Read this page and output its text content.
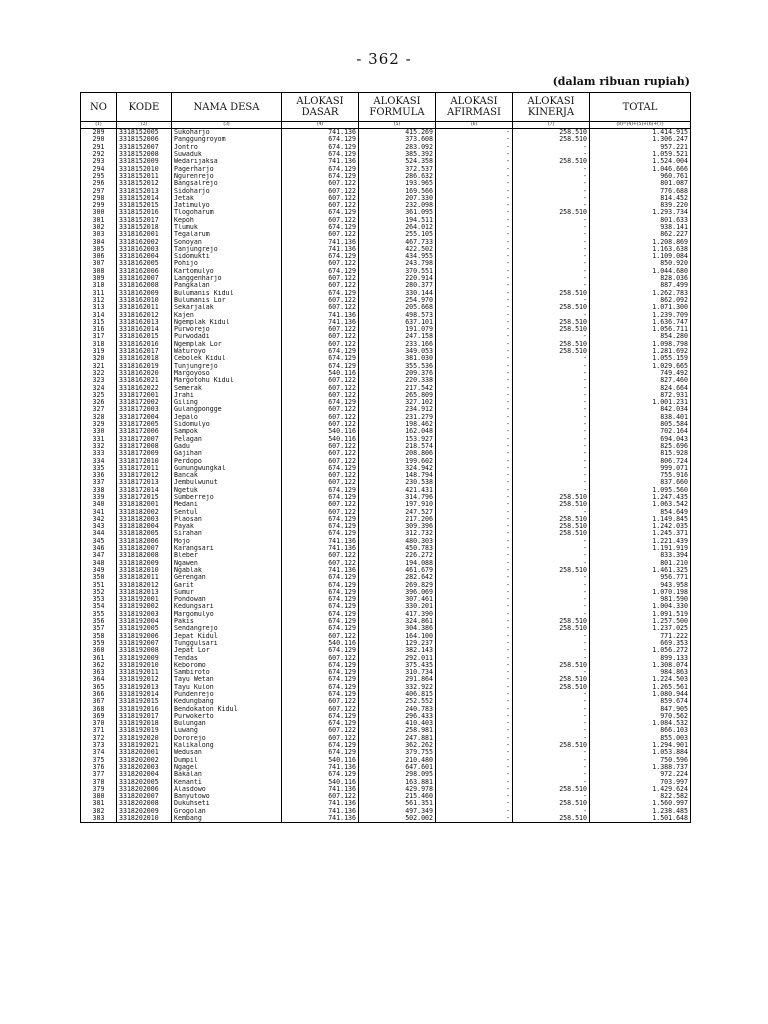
- 362 -
(dalam ribuan rupiah)
NO	KODE	NAMA DESA	ALOKASI DASAR	ALOKASI FORMULA	ALOKASI AFIRMASI	ALOKASI KINERJA	TOTAL
(1)	(2)	(3)	(4)	(5)	(6)	(7)	(8)=(4)+(5)+(6)+(7)
289	3318152005	Sukoharjo	741.136	415.269	-	258.510	1.414.915
290	3318152006	Panggungroyom	674.129	373.608	-	258.510	1.306.247
291	3318152007	Jontro	674.129	283.092	-	-	957.221
292	3318152008	Suwaduk	674.129	385.392	-	-	1.059.521
293	3318152009	Wedarijaksa	741.136	524.358	-	258.510	1.524.004
294	3318152010	Pagerharjo	674.129	372.537	-	-	1.046.666
295	3318152011	Ngurenrejo	674.129	286.632	-	-	960.761
296	3318152012	Bangsalrejo	607.122	193.965	-	-	801.087
297	3318152013	Sidoharjo	607.122	169.566	-	-	776.688
298	3318152014	Jetak	607.122	207.330	-	-	814.452
299	3318152015	Jatimulyo	607.122	232.098	-	-	839.220
300	3318152016	Tlogoharum	674.129	361.095	-	258.510	1.293.734
301	3318152017	Kepoh	607.122	194.511	-	-	801.633
302	3318152018	Tlumuk	674.129	264.012	-	-	938.141
303	3318162001	Tegalarum	607.122	255.105	-	-	862.227
304	3318162002	Sonoyan	741.136	467.733	-	-	1.208.869
305	3318162003	Tanjungrejo	741.136	422.502	-	-	1.163.638
306	3318162004	Sidomukti	674.129	434.955	-	-	1.109.084
307	3318162005	Pohijo	607.122	243.798	-	-	850.920
308	3318162006	Kartomulyo	674.129	370.551	-	-	1.044.680
309	3318162007	Langgenharjo	607.122	220.914	-	-	828.036
310	3318162008	Pangkalan	607.122	280.377	-	-	887.499
311	3318162009	Bulumanis Kidul	674.129	330.144	-	258.510	1.262.783
312	3318162010	Bulumanis Lor	607.122	254.970	-	-	862.092
313	3318162011	Sekarjalak	607.122	205.668	-	258.510	1.071.300
314	3318162012	Kajen	741.136	498.573	-	-	1.239.709
315	3318162013	Ngemplak Kidul	741.136	637.101	-	258.510	1.636.747
316	3318162014	Purworejo	607.122	191.079	-	258.510	1.056.711
317	3318162015	Purwodadi	607.122	247.158	-	-	854.280
318	3318162016	Ngemplak Lor	607.122	233.166	-	258.510	1.098.798
319	3318162017	Waturoyo	674.129	349.053	-	258.510	1.281.692
320	3318162018	Cebolek Kidul	674.129	381.030	-	-	1.055.159
321	3318162019	Tunjungrejo	674.129	355.536	-	-	1.029.665
322	3318162020	Margoyoso	540.116	209.376	-	-	749.492
323	3318162021	Margotohu Kidul	607.122	220.338	-	-	827.460
324	3318162022	Semerak	607.122	217.542	-	-	824.664
325	3318172001	Jrahi	607.122	265.809	-	-	872.931
326	3318172002	Giling	674.129	327.102	-	-	1.001.231
327	3318172003	Gulangpongge	607.122	234.912	-	-	842.034
328	3318172004	Jepalo	607.122	231.279	-	-	838.401
329	3318172005	Sidomulyo	607.122	198.462	-	-	805.584
330	3318172006	Sampok	540.116	162.048	-	-	702.164
331	3318172007	Pelagan	540.116	153.927	-	-	694.043
332	3318172008	Gadu	607.122	218.574	-	-	825.696
333	3318172009	Gajihan	607.122	208.806	-	-	815.928
334	3318172010	Perdopo	607.122	199.602	-	-	806.724
335	3318172011	Gunungwungkal	674.129	324.942	-	-	999.071
336	3318172012	Bancak	607.122	148.794	-	-	755.916
337	3318172013	Jembulwunut	607.122	230.538	-	-	837.660
338	3318172014	Ngetuk	674.129	421.431	-	-	1.095.560
339	3318172015	Sumberrejo	674.129	314.796	-	258.510	1.247.435
340	3318182001	Medani	607.122	197.910	-	258.510	1.063.542
341	3318182002	Sentul	607.122	247.527	-	-	854.649
342	3318182003	Plaosan	674.129	217.206	-	258.510	1.149.845
343	3318182004	Payak	674.129	309.396	-	258.510	1.242.035
344	3318182005	Sirahan	674.129	312.732	-	258.510	1.245.371
345	3318182006	Mojo	741.136	480.303	-	-	1.221.439
346	3318182007	Karangsari	741.136	450.783	-	-	1.191.919
347	3318182008	Bleber	607.122	226.272	-	-	833.394
348	3318182009	Ngawen	607.122	194.088	-	-	801.210
349	3318182010	Ngablak	741.136	461.679	-	258.510	1.461.325
350	3318182011	Gerengan	674.129	282.642	-	-	956.771
351	3318182012	Garit	674.129	269.829	-	-	943.958
352	3318182013	Sumur	674.129	396.069	-	-	1.070.198
353	3318192001	Pondowan	674.129	307.461	-	-	981.590
354	3318192002	Kedungsari	674.129	330.201	-	-	1.004.330
355	3318192003	Margomulyo	674.129	417.390	-	-	1.091.519
356	3318192004	Pakis	674.129	324.861	-	258.510	1.257.500
357	3318192005	Sendangrejo	674.129	304.386	-	258.510	1.237.025
358	3318192006	Jepat Kidul	607.122	164.100	-	-	771.222
359	3318192007	Tunggulsari	540.116	129.237	-	-	669.353
360	3318192008	Jepat Lor	674.129	382.143	-	-	1.056.272
361	3318192009	Tendas	607.122	292.011	-	-	899.133
362	3318192010	Keboromo	674.129	375.435	-	258.510	1.308.074
363	3318192011	Sambiroto	674.129	310.734	-	-	984.863
364	3318192012	Tayu Wetan	674.129	291.864	-	258.510	1.224.503
365	3318192013	Tayu Kulon	674.129	332.922	-	258.510	1.265.561
366	3318192014	Pundenrejo	674.129	406.815	-	-	1.080.944
367	3318192015	Kedungbang	607.122	252.552	-	-	859.674
368	3318192016	Bendokaton Kidul	607.122	240.783	-	-	847.905
369	3318192017	Purwokerto	674.129	296.433	-	-	970.562
370	3318192018	Bulungan	674.129	410.403	-	-	1.084.532
371	3318192019	Luwang	607.122	258.981	-	-	866.103
372	3318192020	Dororejo	607.122	247.881	-	-	855.003
373	3318192021	Kalikalong	674.129	362.262	-	258.510	1.294.901
374	3318202001	Wedusan	674.129	379.755	-	-	1.053.884
375	3318202002	Dumpil	540.116	210.480	-	-	750.596
376	3318202003	Ngagel	741.136	647.601	-	-	1.388.737
377	3318202004	Bakalan	674.129	298.095	-	-	972.224
378	3318202005	Kenanti	540.116	163.881	-	-	703.997
379	3318202006	Alasdowo	741.136	429.978	-	258.510	1.429.624
380	3318202007	Banyutowo	607.122	215.460	-	-	822.582
381	3318202008	Dukuhseti	741.136	561.351	-	258.510	1.560.997
382	3318202009	Grogolan	741.136	497.349	-	-	1.238.485
383	3318202010	Kembang	741.136	502.002	-	258.510	1.501.648
